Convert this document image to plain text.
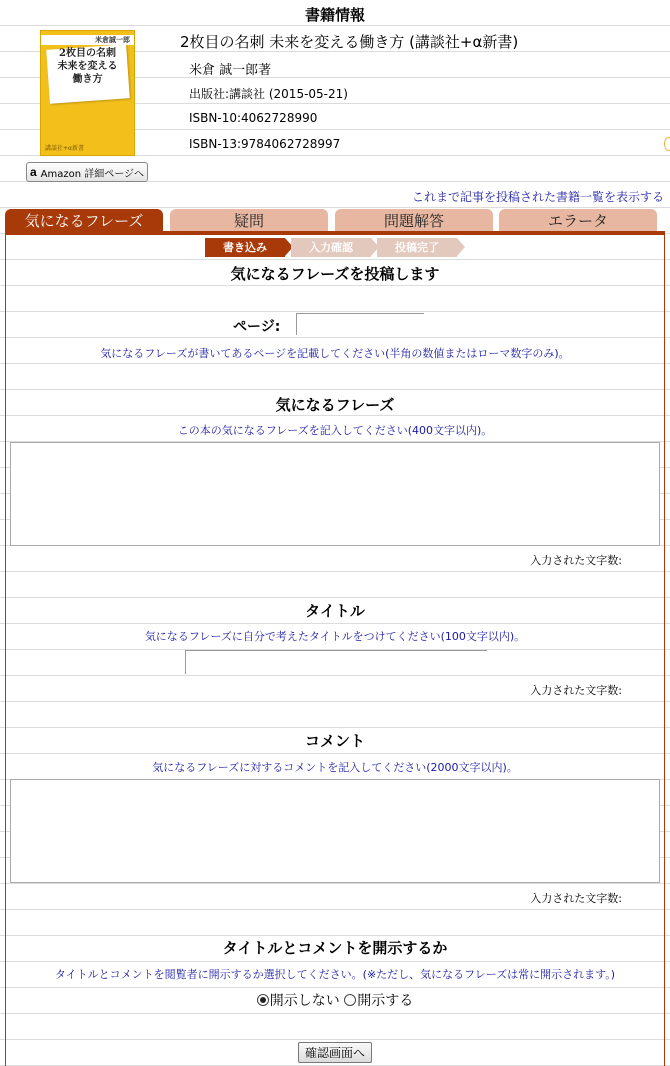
書籍情報
米倉誠一郎
2枚目の名刺
未来を変える
働き方
講談社+α新書
2枚目の名刺 未来を変える働き方 (講談社+α新書)
米倉 誠一郎著
出版社:講談社 (2015-05-21)
ISBN-10:4062728990
ISBN-13:9784062728997
a Amazon 詳細ページへ
これまで記事を投稿された書籍一覧を表示する
気になるフレーズ	疑問	問題解答	エラータ
書き込み	入力確認	投稿完了
気になるフレーズを投稿します
ページ:
気になるフレーズが書いてあるページを記載してください(半角の数値またはローマ数字のみ)。
気になるフレーズ
この本の気になるフレーズを記入してください(400文字以内)。
入力された文字数:
タイトル
気になるフレーズに自分で考えたタイトルをつけてください(100文字以内)。
入力された文字数:
コメント
気になるフレーズに対するコメントを記入してください(2000文字以内)。
入力された文字数:
タイトルとコメントを開示するか
タイトルとコメントを閲覧者に開示するか選択してください。(※ただし、気になるフレーズは常に開示されます。)
開示しない 開示する
確認画面へ
